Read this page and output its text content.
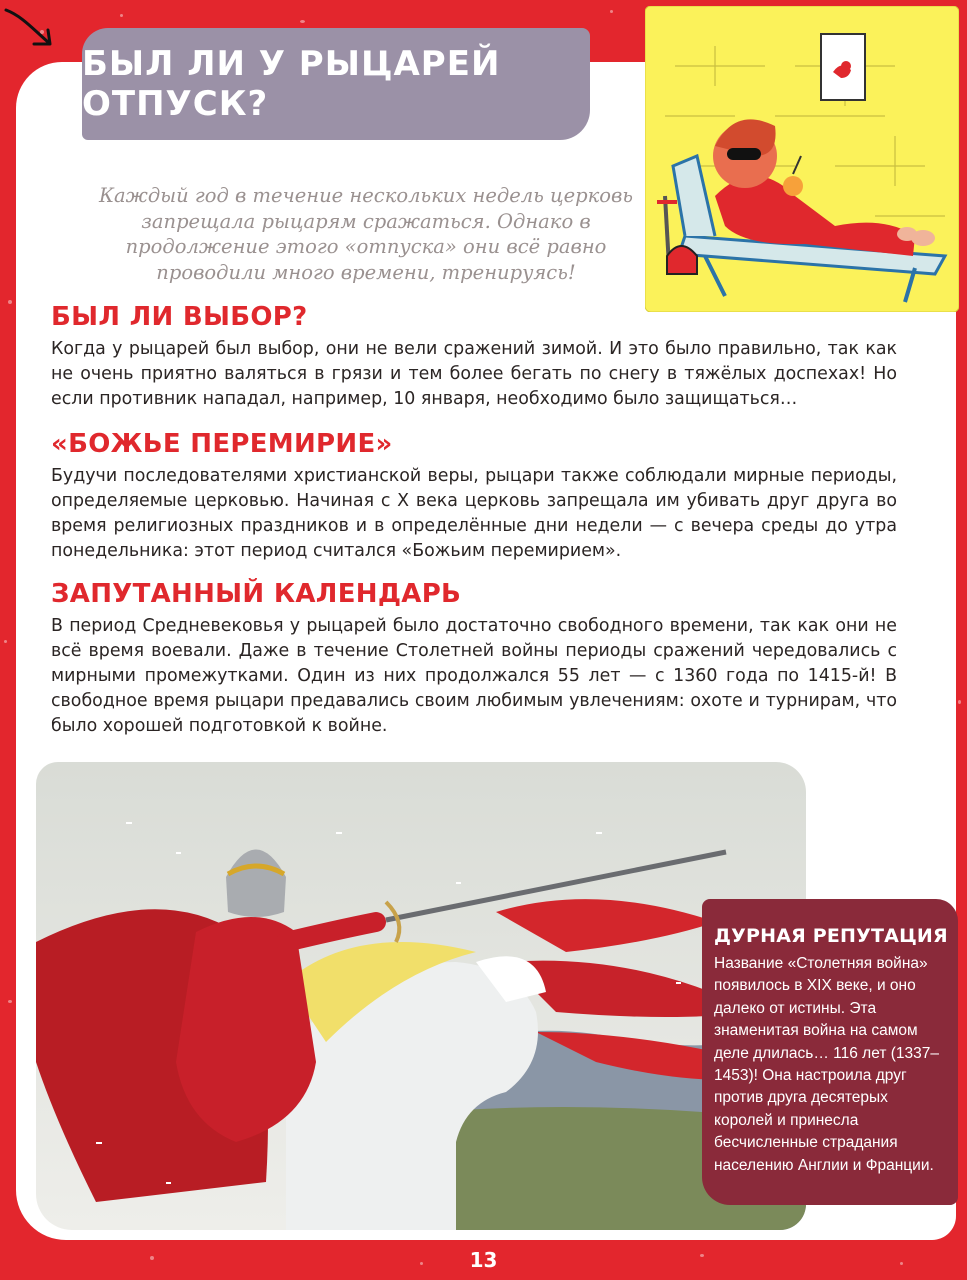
БЫЛ ЛИ У РЫЦАРЕЙ ОТПУСК?

Каждый год в течение нескольких недель церковь запрещала рыцарям сражаться. Однако в продолжение этого «отпуска» они всё равно проводили много времени, тренируясь!

БЫЛ ЛИ ВЫБОР?

Когда у рыцарей был выбор, они не вели сражений зимой. И это было правильно, так как не очень приятно валяться в грязи и тем более бегать по снегу в тяжёлых доспехах! Но если противник нападал, например, 10 января, необходимо было защищаться…

«БОЖЬЕ ПЕРЕМИРИЕ»

Будучи последователями христианской веры, рыцари также соблюдали мирные периоды, определяемые церковью. Начиная с X века церковь запрещала им убивать друг друга во время религиозных праздников и в определённые дни недели — с вечера среды до утра понедельника: этот период считался «Божьим перемирием».

ЗАПУТАННЫЙ КАЛЕНДАРЬ

В период Средневековья у рыцарей было достаточно свободного времени, так как они не всё время воевали. Даже в течение Столетней войны периоды сражений чередовались с мирными промежутками. Один из них продолжался 55 лет — с 1360 года по 1415-й! В свободное время рыцари предавались своим любимым увлечениям: охоте и турнирам, что было хорошей подготовкой к войне.

ДУРНАЯ РЕПУТАЦИЯ

Название «Столетняя война» появилось в XIX веке, и оно далеко от истины. Эта знаменитая война на самом деле длилась… 116 лет (1337–1453)! Она настроила друг против друга десятерых королей и принесла бесчисленные страдания населению Англии и Франции.

13
